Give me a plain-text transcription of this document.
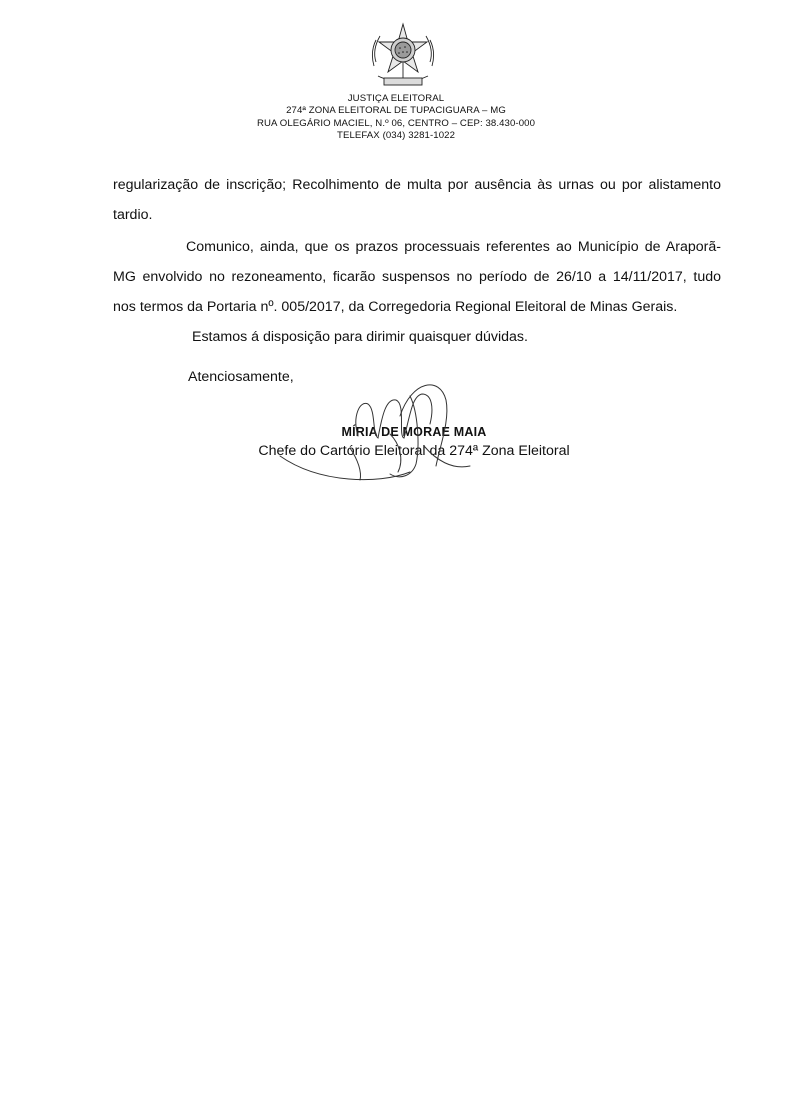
JUSTIÇA ELEITORAL
274ª ZONA ELEITORAL DE TUPACIGUARA – MG
RUA OLEGÁRIO MACIEL, N.º 06, CENTRO – CEP: 38.430-000
TELEFAX (034) 3281-1022
regularização de inscrição; Recolhimento de multa por ausência às urnas ou por alistamento
tardio.
Comunico, ainda, que os prazos processuais referentes ao Município de Araporã-
MG envolvido no rezoneamento, ficarão suspensos no período de 26/10 a 14/11/2017, tudo
nos termos da Portaria nº. 005/2017, da Corregedoria Regional Eleitoral de Minas Gerais.
Estamos á disposição para dirimir quaisquer dúvidas.
Atenciosamente,
MÍRIA DE MORAE MAIA
Chefe do Cartório Eleitoral da 274ª Zona Eleitoral
